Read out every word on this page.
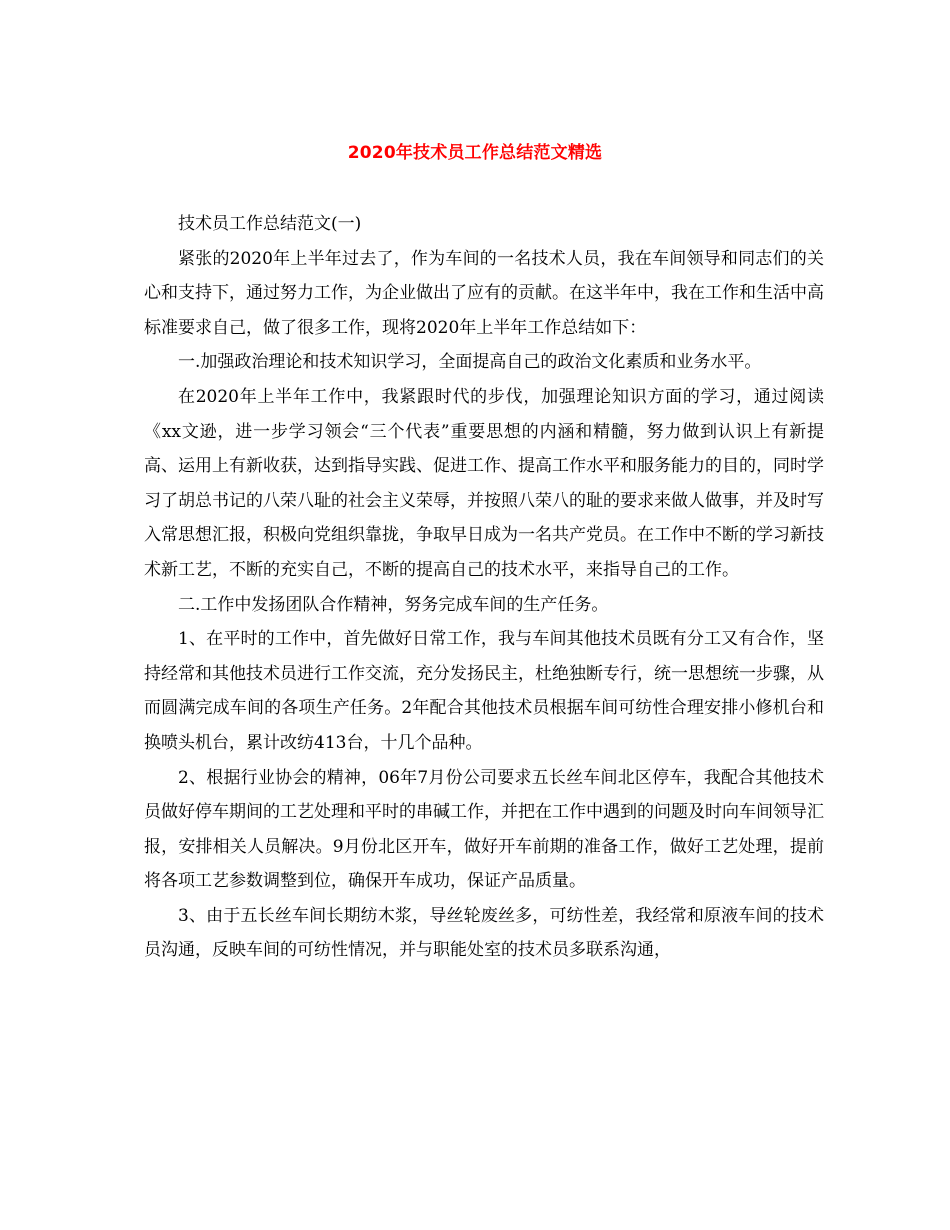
2020年技术员工作总结范文精选

技术员工作总结范文(一)

紧张的2020年上半年过去了，作为车间的一名技术人员，我在车间领导和同志们的关心和支持下，通过努力工作，为企业做出了应有的贡献。在这半年中，我在工作和生活中高标准要求自己，做了很多工作，现将2020年上半年工作总结如下：

一.加强政治理论和技术知识学习，全面提高自己的政治文化素质和业务水平。

在2020年上半年工作中，我紧跟时代的步伐，加强理论知识方面的学习，通过阅读《xx文逊，进一步学习领会“三个代表”重要思想的内涵和精髓，努力做到认识上有新提高、运用上有新收获，达到指导实践、促进工作、提高工作水平和服务能力的目的，同时学习了胡总书记的八荣八耻的社会主义荣辱，并按照八荣八的耻的要求来做人做事，并及时写入常思想汇报，积极向党组织靠拢，争取早日成为一名共产党员。在工作中不断的学习新技术新工艺，不断的充实自己，不断的提高自己的技术水平，来指导自己的工作。

二.工作中发扬团队合作精神，努务完成车间的生产任务。

1、在平时的工作中，首先做好日常工作，我与车间其他技术员既有分工又有合作，坚持经常和其他技术员进行工作交流，充分发扬民主，杜绝独断专行，统一思想统一步骤，从而圆满完成车间的各项生产任务。2年配合其他技术员根据车间可纺性合理安排小修机台和换喷头机台，累计改纺413台，十几个品种。

2、根据行业协会的精神，06年7月份公司要求五长丝车间北区停车，我配合其他技术员做好停车期间的工艺处理和平时的串碱工作，并把在工作中遇到的问题及时向车间领导汇报，安排相关人员解决。9月份北区开车，做好开车前期的准备工作，做好工艺处理，提前将各项工艺参数调整到位，确保开车成功，保证产品质量。

3、由于五长丝车间长期纺木浆，导丝轮废丝多，可纺性差，我经常和原液车间的技术员沟通，反映车间的可纺性情况，并与职能处室的技术员多联系沟通，
